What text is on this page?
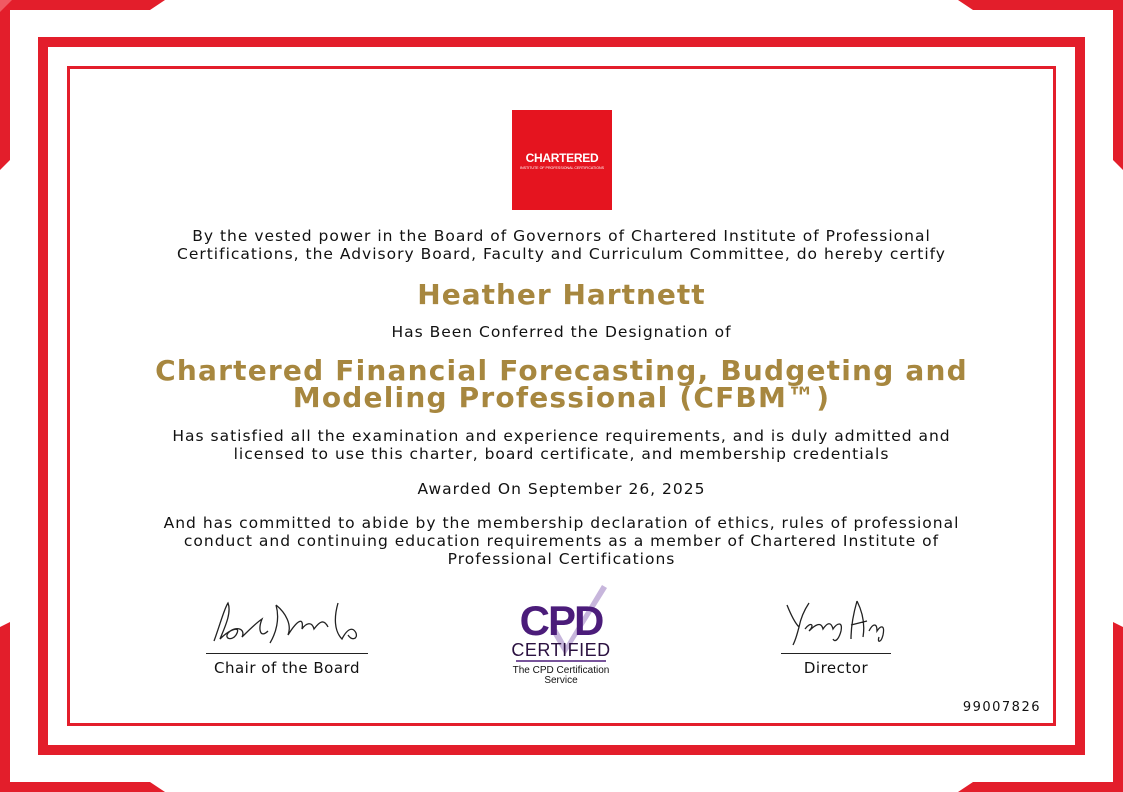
CHARTERED
INSTITUTE OF PROFESSIONAL CERTIFICATIONS
By the vested power in the Board of Governors of Chartered Institute of Professional
Certifications, the Advisory Board, Faculty and Curriculum Committee, do hereby certify
Heather Hartnett
Has Been Conferred the Designation of
Chartered Financial Forecasting, Budgeting and
Modeling Professional (CFBM™)
Has satisfied all the examination and experience requirements, and is duly admitted and
licensed to use this charter, board certificate, and membership credentials
Awarded On September 26, 2025
And has committed to abide by the membership declaration of ethics, rules of professional
conduct and continuing education requirements as a member of Chartered Institute of
Professional Certifications
Chair of the Board
CPD
CERTIFIED
The CPD Certification
Service
Director
99007826
